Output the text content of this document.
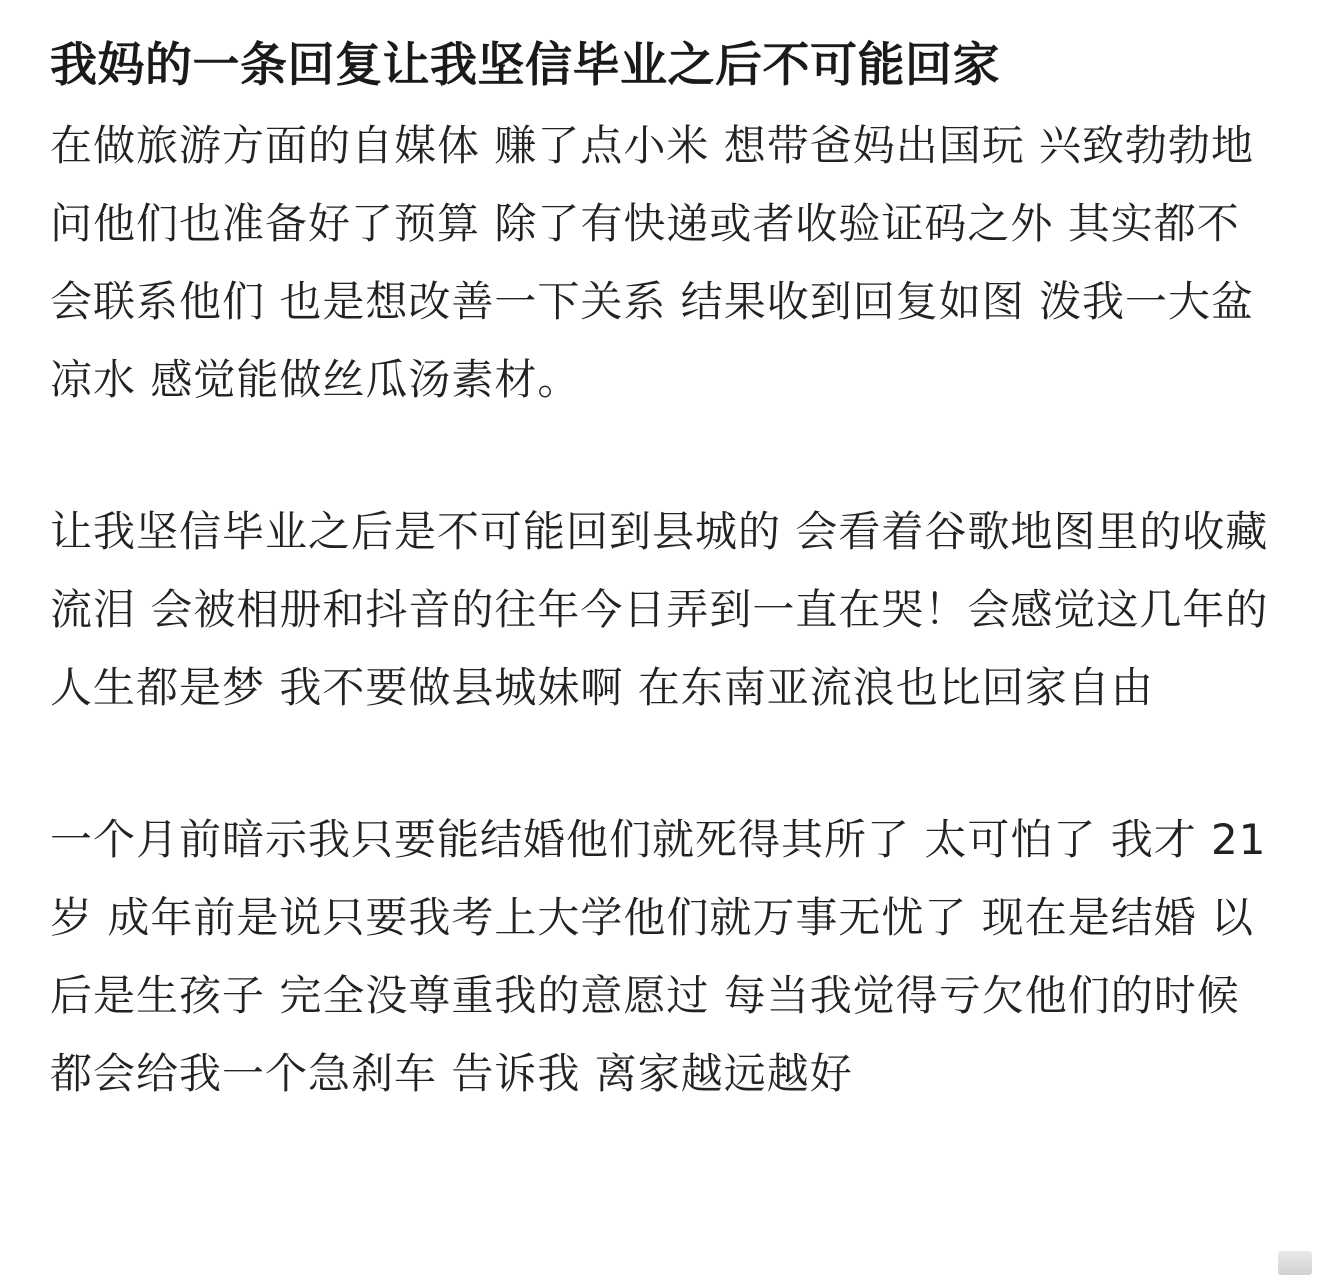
我妈的一条回复让我坚信毕业之后不可能回家

在做旅游方面的自媒体 赚了点小米 想带爸妈出国玩 兴致勃勃地问他们也准备好了预算 除了有快递或者收验证码之外 其实都不会联系他们 也是想改善一下关系 结果收到回复如图 泼我一大盆凉水 感觉能做丝瓜汤素材。

让我坚信毕业之后是不可能回到县城的 会看着谷歌地图里的收藏流泪 会被相册和抖音的往年今日弄到一直在哭！会感觉这几年的人生都是梦 我不要做县城妹啊 在东南亚流浪也比回家自由

一个月前暗示我只要能结婚他们就死得其所了 太可怕了 我才 21岁 成年前是说只要我考上大学他们就万事无忧了 现在是结婚 以后是生孩子 完全没尊重我的意愿过 每当我觉得亏欠他们的时候 都会给我一个急刹车 告诉我 离家越远越好
